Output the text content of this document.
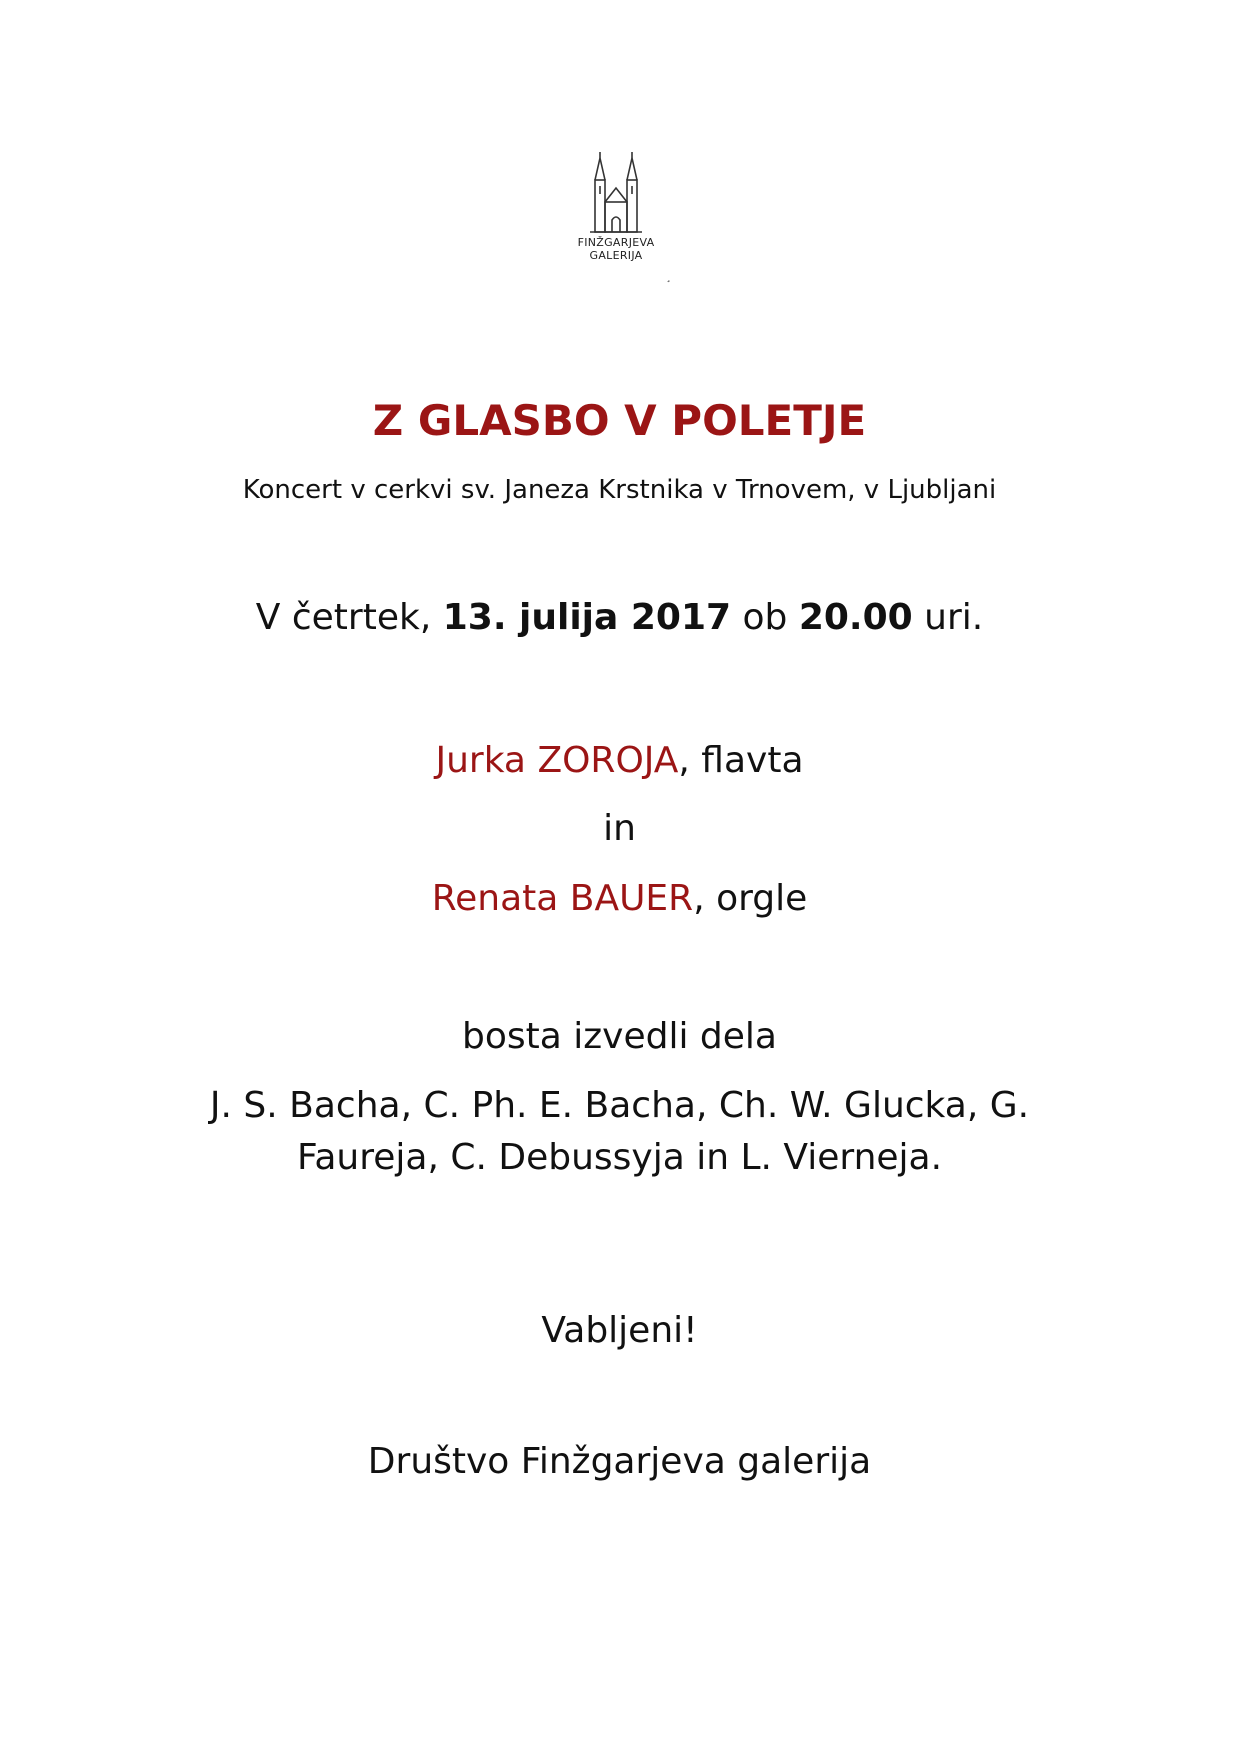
FINŽGARJEVA
GALERIJA
¸
Z GLASBO V POLETJE
Koncert v cerkvi sv. Janeza Krstnika v Trnovem, v Ljubljani
V četrtek, 13. julija 2017 ob 20.00 uri.
Jurka ZOROJA, flavta
in
Renata BAUER, orgle
bosta izvedli dela
J. S. Bacha, C. Ph. E. Bacha, Ch. W. Glucka, G.
Faureja, C. Debussyja in L. Vierneja.
Vabljeni!
Društvo Finžgarjeva galerija
